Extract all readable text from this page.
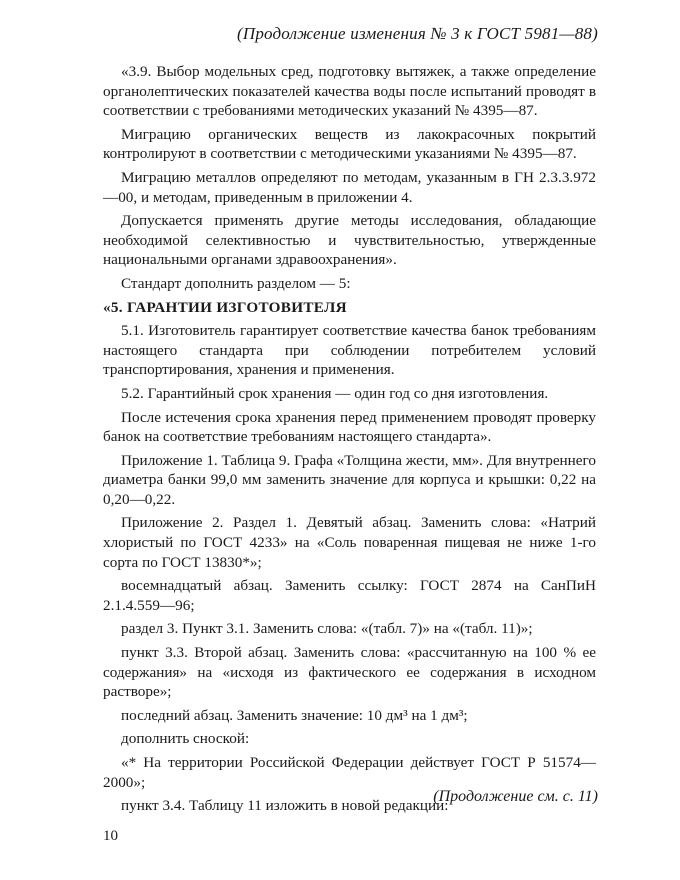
(Продолжение изменения № 3 к ГОСТ 5981—88)

«3.9. Выбор модельных сред, подготовку вытяжек, а также определение органолептических показателей качества воды после испытаний проводят в соответствии с требованиями методических указаний № 4395—87.

Миграцию органических веществ из лакокрасочных покрытий контролируют в соответствии с методическими указаниями № 4395—87.

Миграцию металлов определяют по методам, указанным в ГН 2.3.3.972—00, и методам, приведенным в приложении 4.

Допускается применять другие методы исследования, обладающие необходимой селективностью и чувствительностью, утвержденные национальными органами здравоохранения».

Стандарт дополнить разделом — 5:

«5. ГАРАНТИИ ИЗГОТОВИТЕЛЯ

5.1. Изготовитель гарантирует соответствие качества банок требованиям настоящего стандарта при соблюдении потребителем условий транспортирования, хранения и применения.

5.2. Гарантийный срок хранения — один год со дня изготовления.

После истечения срока хранения перед применением проводят проверку банок на соответствие требованиям настоящего стандарта».

Приложение 1. Таблица 9. Графа «Толщина жести, мм». Для внутреннего диаметра банки 99,0 мм заменить значение для корпуса и крышки: 0,22 на 0,20—0,22.

Приложение 2. Раздел 1. Девятый абзац. Заменить слова: «Натрий хлористый по ГОСТ 4233» на «Соль поваренная пищевая не ниже 1-го сорта по ГОСТ 13830*»;

восемнадцатый абзац. Заменить ссылку: ГОСТ 2874 на СанПиН 2.1.4.559—96;

раздел 3. Пункт 3.1. Заменить слова: «(табл. 7)» на «(табл. 11)»;

пункт 3.3. Второй абзац. Заменить слова: «рассчитанную на 100 % ее содержания» на «исходя из фактического ее содержания в исходном растворе»;

последний абзац. Заменить значение: 10 дм³ на 1 дм³;

дополнить сноской:

«* На территории Российской Федерации действует ГОСТ Р 51574—2000»;

пункт 3.4. Таблицу 11 изложить в новой редакции:

(Продолжение см. с. 11)
10
